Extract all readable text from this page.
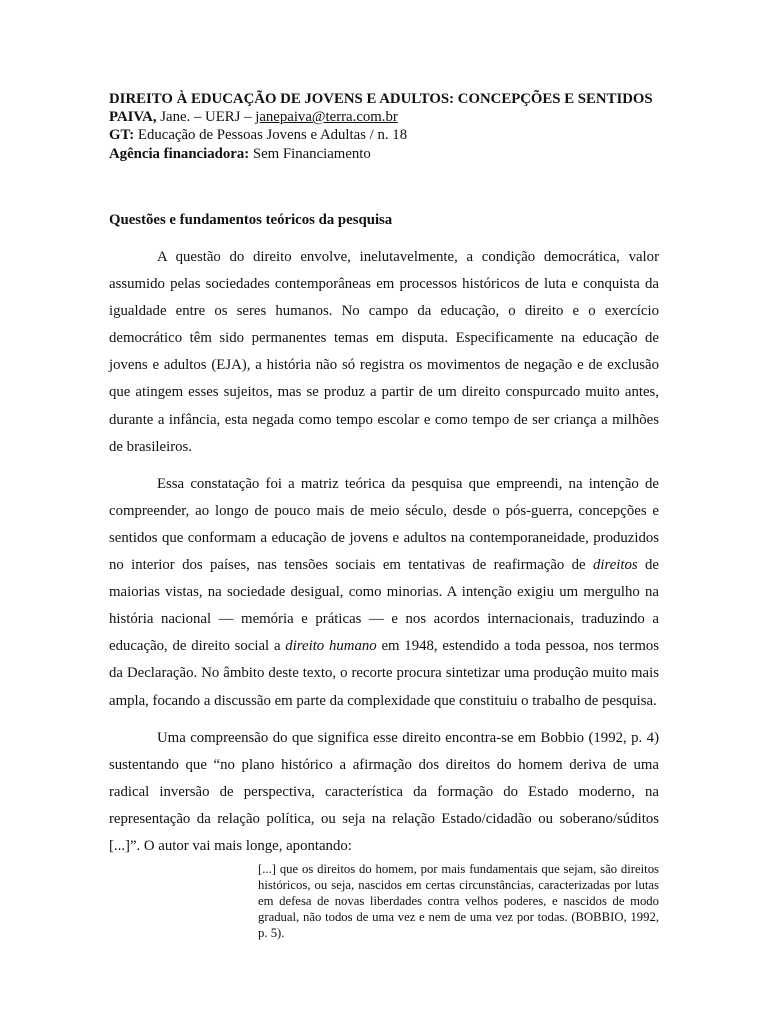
DIREITO À EDUCAÇÃO DE JOVENS E ADULTOS: CONCEPÇÕES E SENTIDOS

PAIVA, Jane. – UERJ – janepaiva@terra.com.br

GT: Educação de Pessoas Jovens e Adultas / n. 18

Agência financiadora: Sem Financiamento

Questões e fundamentos teóricos da pesquisa

A questão do direito envolve, inelutavelmente, a condição democrática, valor assumido pelas sociedades contemporâneas em processos históricos de luta e conquista da igualdade entre os seres humanos. No campo da educação, o direito e o exercício democrático têm sido permanentes temas em disputa. Especificamente na educação de jovens e adultos (EJA), a história não só registra os movimentos de negação e de exclusão que atingem esses sujeitos, mas se produz a partir de um direito conspurcado muito antes, durante a infância, esta negada como tempo escolar e como tempo de ser criança a milhões de brasileiros.

Essa constatação foi a matriz teórica da pesquisa que empreendi, na intenção de compreender, ao longo de pouco mais de meio século, desde o pós-guerra, concepções e sentidos que conformam a educação de jovens e adultos na contemporaneidade, produzidos no interior dos países, nas tensões sociais em tentativas de reafirmação de direitos de maiorias vistas, na sociedade desigual, como minorias. A intenção exigiu um mergulho na história nacional — memória e práticas — e nos acordos internacionais, traduzindo a educação, de direito social a direito humano em 1948, estendido a toda pessoa, nos termos da Declaração. No âmbito deste texto, o recorte procura sintetizar uma produção muito mais ampla, focando a discussão em parte da complexidade que constituiu o trabalho de pesquisa.

Uma compreensão do que significa esse direito encontra-se em Bobbio (1992, p. 4) sustentando que “no plano histórico a afirmação dos direitos do homem deriva de uma radical inversão de perspectiva, característica da formação do Estado moderno, na representação da relação política, ou seja na relação Estado/cidadão ou soberano/súditos [...]”. O autor vai mais longe, apontando:

[...] que os direitos do homem, por mais fundamentais que sejam, são direitos históricos, ou seja, nascidos em certas circunstâncias, caracterizadas por lutas em defesa de novas liberdades contra velhos poderes, e nascidos de modo gradual, não todos de uma vez e nem de uma vez por todas. (BOBBIO, 1992, p. 5).
